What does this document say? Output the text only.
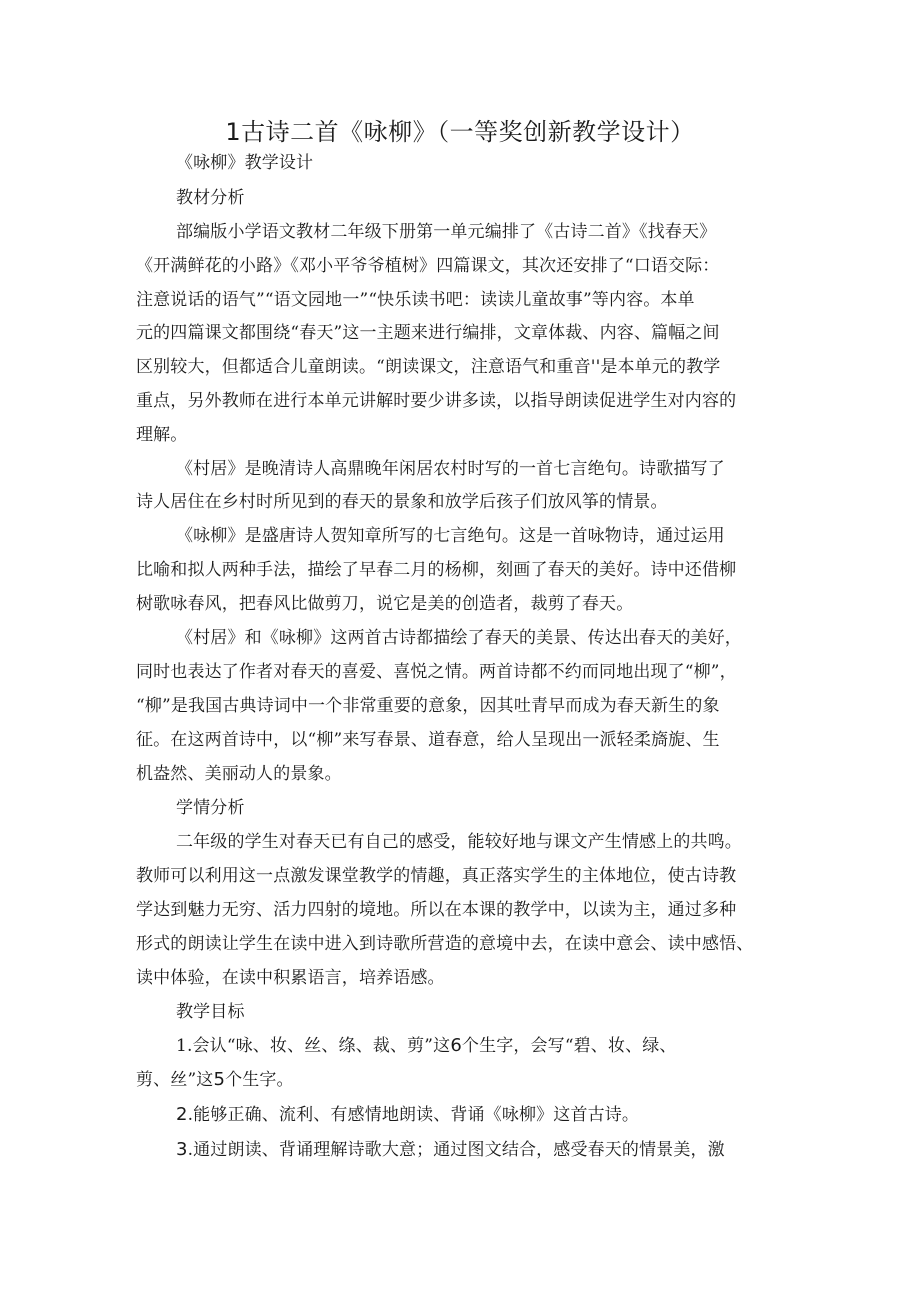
1古诗二首《咏柳》（一等奖创新教学设计）

《咏柳》教学设计

教材分析

部编版小学语文教材二年级下册第一单元编排了《古诗二首》《找春天》

《开满鲜花的小路》《邓小平爷爷植树》四篇课文，其次还安排了“口语交际：

注意说话的语气”“语文园地一”“快乐读书吧：读读儿童故事”等内容。本单

元的四篇课文都围绕“春天”这一主题来进行编排，文章体裁、内容、篇幅之间

区别较大，但都适合儿童朗读。“朗读课文，注意语气和重音''是本单元的教学

重点，另外教师在进行本单元讲解时要少讲多读，以指导朗读促进学生对内容的

理解。

《村居》是晚清诗人高鼎晚年闲居农村时写的一首七言绝句。诗歌描写了

诗人居住在乡村时所见到的春天的景象和放学后孩子们放风筝的情景。

《咏柳》是盛唐诗人贺知章所写的七言绝句。这是一首咏物诗，通过运用

比喻和拟人两种手法，描绘了早春二月的杨柳，刻画了春天的美好。诗中还借柳

树歌咏春风，把春风比做剪刀，说它是美的创造者，裁剪了春天。

《村居》和《咏柳》这两首古诗都描绘了春天的美景、传达出春天的美好，

同时也表达了作者对春天的喜爱、喜悦之情。两首诗都不约而同地出现了“柳”，

“柳”是我国古典诗词中一个非常重要的意象，因其吐青早而成为春天新生的象

征。在这两首诗中，以“柳”来写春景、道春意，给人呈现出一派轻柔旖旎、生

机盎然、美丽动人的景象。

学情分析

二年级的学生对春天已有自己的感受，能较好地与课文产生情感上的共鸣。

教师可以利用这一点激发课堂教学的情趣，真正落实学生的主体地位，使古诗教

学达到魅力无穷、活力四射的境地。所以在本课的教学中，以读为主，通过多种

形式的朗读让学生在读中进入到诗歌所营造的意境中去，在读中意会、读中感悟、

读中体验，在读中积累语言，培养语感。

教学目标

1.会认“咏、妆、丝、绦、裁、剪”这6个生字，会写“碧、妆、绿、

剪、丝”这5个生字。

2.能够正确、流利、有感情地朗读、背诵《咏柳》这首古诗。

3.通过朗读、背诵理解诗歌大意；通过图文结合，感受春天的情景美，激
